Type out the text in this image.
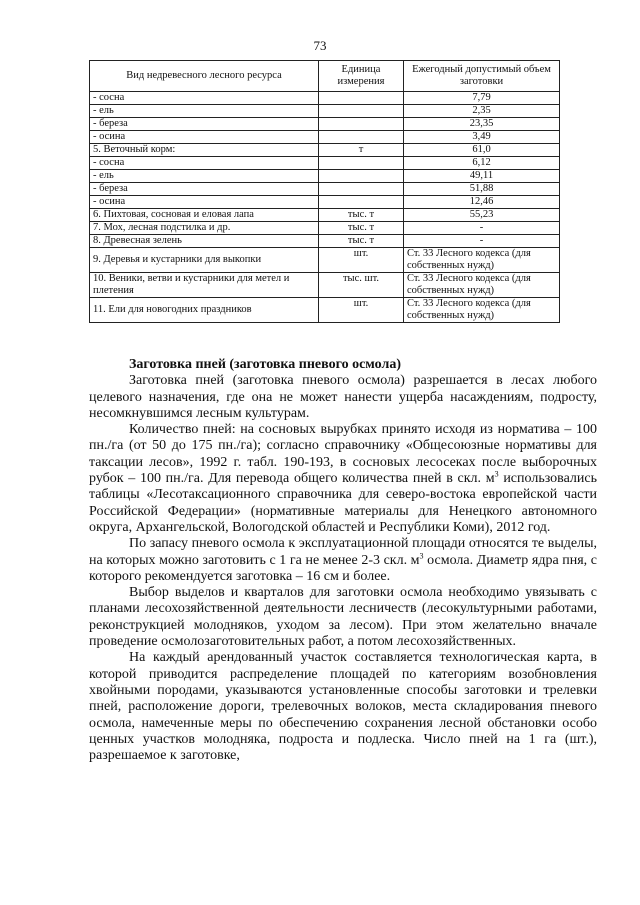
73
Вид недревесного лесного ресурса	Единица измерения	Ежегодный допустимый объем заготовки
- сосна		7,79
- ель		2,35
- береза		23,35
- осина		3,49
5. Веточный корм:	т	61,0
- сосна		6,12
- ель		49,11
- береза		51,88
- осина		12,46
6. Пихтовая, сосновая и еловая лапа	тыс. т	55,23
7. Мох, лесная подстилка и др.	тыс. т	-
8. Древесная зелень	тыс. т	-
9. Деревья и кустарники для выкопки	шт.	Ст. 33 Лесного кодекса (для собственных нужд)
10. Веники, ветви и кустарники для метел и плетения	тыс. шт.	Ст. 33 Лесного кодекса (для собственных нужд)
11. Ели для новогодних праздников	шт.	Ст. 33 Лесного кодекса (для собственных нужд)

Заготовка пней (заготовка пневого осмола)

Заготовка пней (заготовка пневого осмола) разрешается в лесах любого целевого назначения, где она не может нанести ущерба насаждениям, подросту, несомкнувшимся лесным культурам.

Количество пней: на сосновых вырубках принято исходя из норматива – 100 пн./га (от 50 до 175 пн./га); согласно справочнику «Общесоюзные нормативы для таксации лесов», 1992 г. табл. 190-193, в сосновых лесосеках после выборочных рубок – 100 пн./га. Для перевода общего количества пней в скл. $м^3$ использовались таблицы «Лесотаксационного справочника для северо-востока европейской части Российской Федерации» (нормативные материалы для Ненецкого автономного округа, Архангельской, Вологодской областей и Республики Коми), 2012 год.

По запасу пневого осмола к эксплуатационной площади относятся те выделы, на которых можно заготовить с 1 га не менее 2-3 скл. $м^3$ осмола. Диаметр ядра пня, с которого рекомендуется заготовка – 16 см и более.

Выбор выделов и кварталов для заготовки осмола необходимо увязывать с планами лесохозяйственной деятельности лесничеств (лесокультурными работами, реконструкцией молодняков, уходом за лесом). При этом желательно вначале проведение осмолозаготовительных работ, а потом лесохозяйственных.

На каждый арендованный участок составляется технологическая карта, в которой приводится распределение площадей по категориям возобновления хвойными породами, указываются установленные способы заготовки и трелевки пней, расположение дороги, трелевочных волоков, места складирования пневого осмола, намеченные меры по обеспечению сохранения лесной обстановки особо ценных участков молодняка, подроста и подлеска. Число пней на 1 га (шт.), разрешаемое к заготовке,
